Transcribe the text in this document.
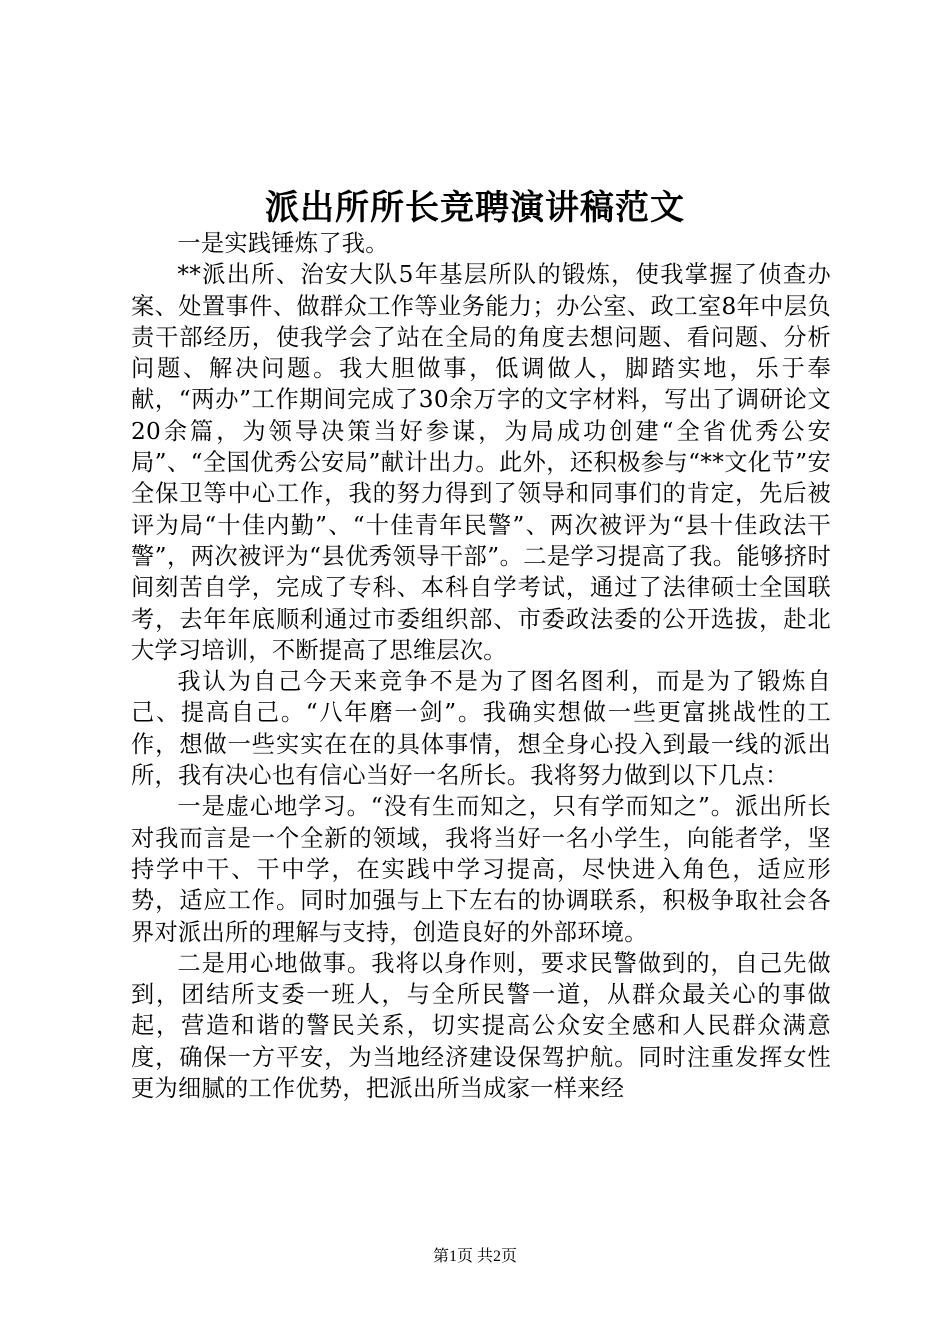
派出所所长竞聘演讲稿范文

一是实践锤炼了我。

**派出所、治安大队5年基层所队的锻炼，使我掌握了侦查办案、处置事件、做群众工作等业务能力；办公室、政工室8年中层负责干部经历，使我学会了站在全局的角度去想问题、看问题、分析问题、解决问题。我大胆做事，低调做人，脚踏实地，乐于奉献，“两办”工作期间完成了30余万字的文字材料，写出了调研论文20余篇，为领导决策当好参谋，为局成功创建“全省优秀公安局”、“全国优秀公安局”献计出力。此外，还积极参与“**文化节”安全保卫等中心工作，我的努力得到了领导和同事们的肯定，先后被评为局“十佳内勤”、“十佳青年民警”、两次被评为“县十佳政法干警”，两次被评为“县优秀领导干部”。二是学习提高了我。能够挤时间刻苦自学，完成了专科、本科自学考试，通过了法律硕士全国联考，去年年底顺利通过市委组织部、市委政法委的公开选拔，赴北大学习培训，不断提高了思维层次。

我认为自己今天来竞争不是为了图名图利，而是为了锻炼自己、提高自己。“八年磨一剑”。我确实想做一些更富挑战性的工作，想做一些实实在在的具体事情，想全身心投入到最一线的派出所，我有决心也有信心当好一名所长。我将努力做到以下几点：

一是虚心地学习。“没有生而知之，只有学而知之”。派出所长对我而言是一个全新的领域，我将当好一名小学生，向能者学，坚持学中干、干中学，在实践中学习提高，尽快进入角色，适应形势，适应工作。同时加强与上下左右的协调联系，积极争取社会各界对派出所的理解与支持，创造良好的外部环境。

二是用心地做事。我将以身作则，要求民警做到的，自己先做到，团结所支委一班人，与全所民警一道，从群众最关心的事做起，营造和谐的警民关系，切实提高公众安全感和人民群众满意度，确保一方平安，为当地经济建设保驾护航。同时注重发挥女性更为细腻的工作优势，把派出所当成家一样来经

第1页 共2页
